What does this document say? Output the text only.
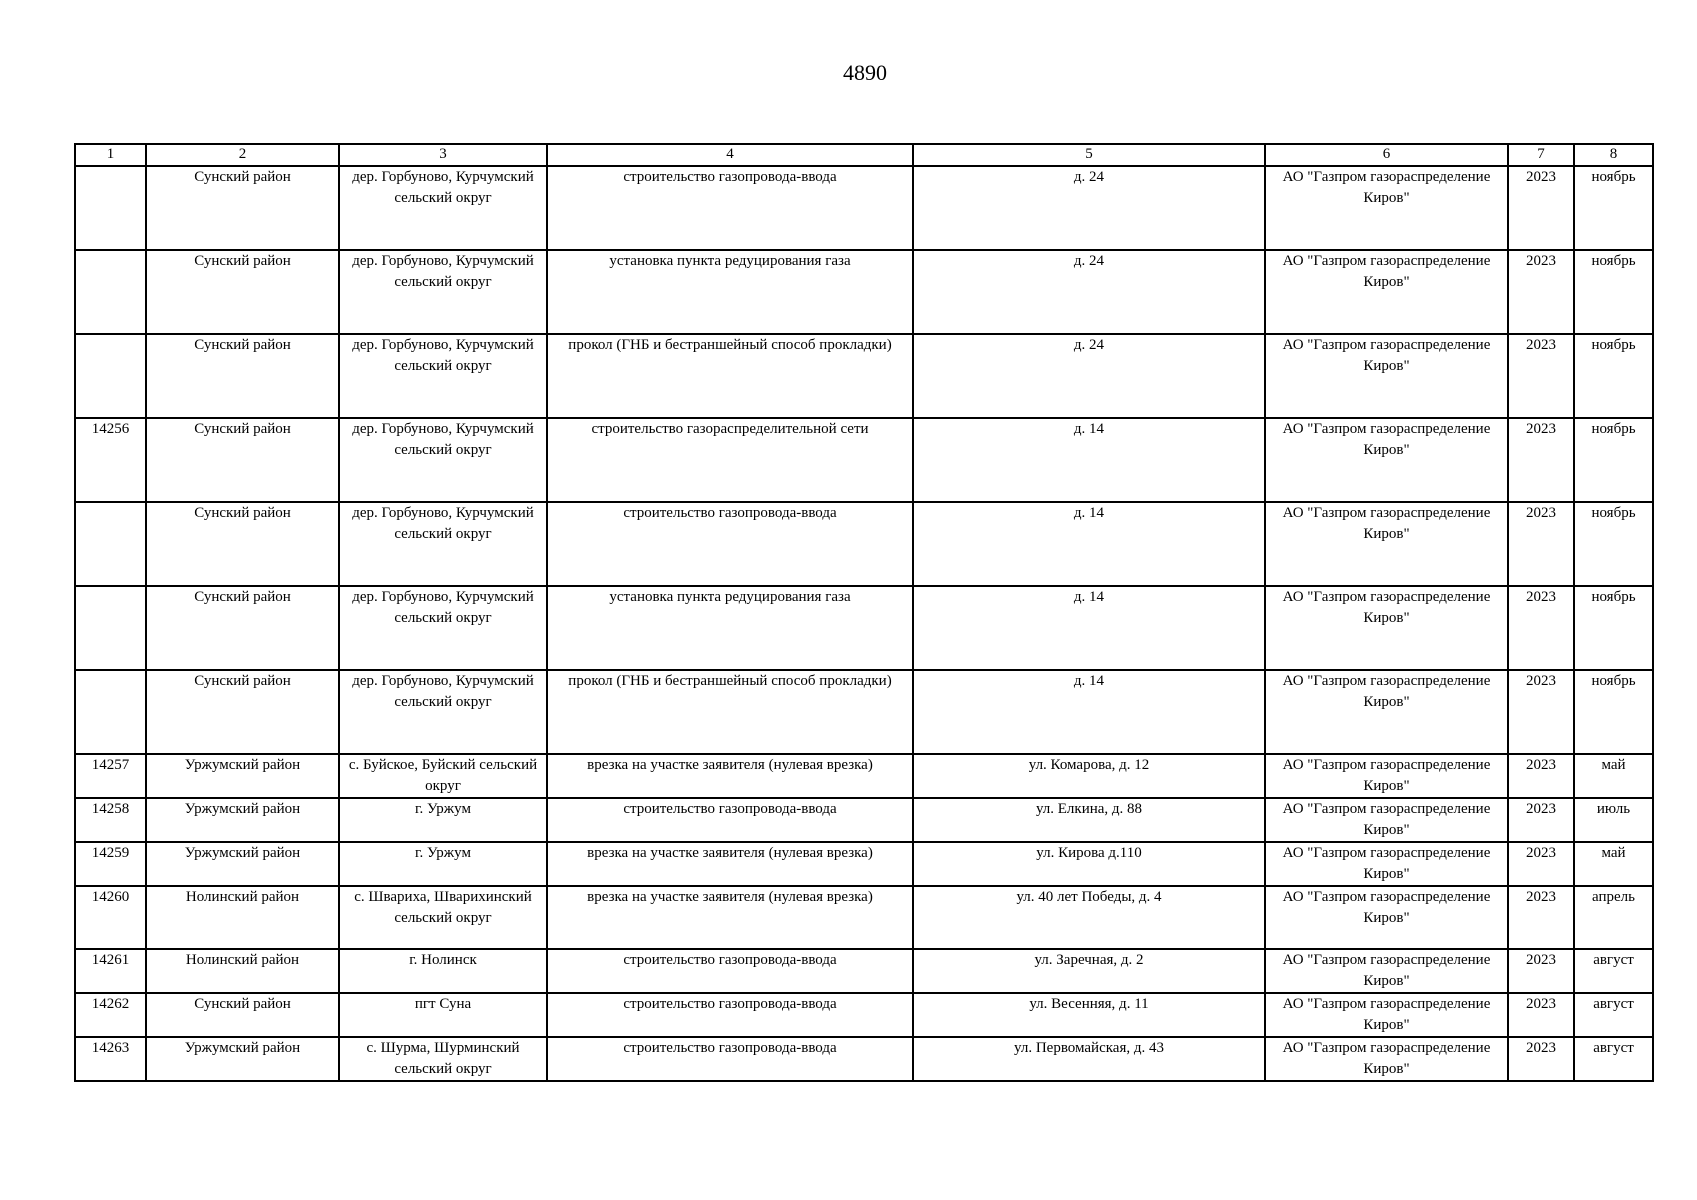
4890
1	2	3	4	5	6	7	8
	Сунский район	дер. Горбуново, Курчумский сельский округ	строительство газопровода-ввода	д. 24	АО "Газпром газораспределение Киров"	2023	ноябрь
	Сунский район	дер. Горбуново, Курчумский сельский округ	установка пункта редуцирования газа	д. 24	АО "Газпром газораспределение Киров"	2023	ноябрь
	Сунский район	дер. Горбуново, Курчумский сельский округ	прокол (ГНБ и бестраншейный способ прокладки)	д. 24	АО "Газпром газораспределение Киров"	2023	ноябрь
14256	Сунский район	дер. Горбуново, Курчумский сельский округ	строительство газораспределительной сети	д. 14	АО "Газпром газораспределение Киров"	2023	ноябрь
	Сунский район	дер. Горбуново, Курчумский сельский округ	строительство газопровода-ввода	д. 14	АО "Газпром газораспределение Киров"	2023	ноябрь
	Сунский район	дер. Горбуново, Курчумский сельский округ	установка пункта редуцирования газа	д. 14	АО "Газпром газораспределение Киров"	2023	ноябрь
	Сунский район	дер. Горбуново, Курчумский сельский округ	прокол (ГНБ и бестраншейный способ прокладки)	д. 14	АО "Газпром газораспределение Киров"	2023	ноябрь
14257	Уржумский район	с. Буйское, Буйский сельский округ	врезка на участке заявителя (нулевая врезка)	ул. Комарова, д. 12	АО "Газпром газораспределение Киров"	2023	май
14258	Уржумский район	г. Уржум	строительство газопровода-ввода	ул. Елкина, д. 88	АО "Газпром газораспределение Киров"	2023	июль
14259	Уржумский район	г. Уржум	врезка на участке заявителя (нулевая врезка)	ул. Кирова д.110	АО "Газпром газораспределение Киров"	2023	май
14260	Нолинский район	с. Швариха, Шварихинский сельский округ	врезка на участке заявителя (нулевая врезка)	ул. 40 лет Победы, д. 4	АО "Газпром газораспределение Киров"	2023	апрель
14261	Нолинский район	г. Нолинск	строительство газопровода-ввода	ул. Заречная, д. 2	АО "Газпром газораспределение Киров"	2023	август
14262	Сунский район	пгт Суна	строительство газопровода-ввода	ул. Весенняя, д. 11	АО "Газпром газораспределение Киров"	2023	август
14263	Уржумский район	с. Шурма, Шурминский сельский округ	строительство газопровода-ввода	ул. Первомайская, д. 43	АО "Газпром газораспределение Киров"	2023	август
